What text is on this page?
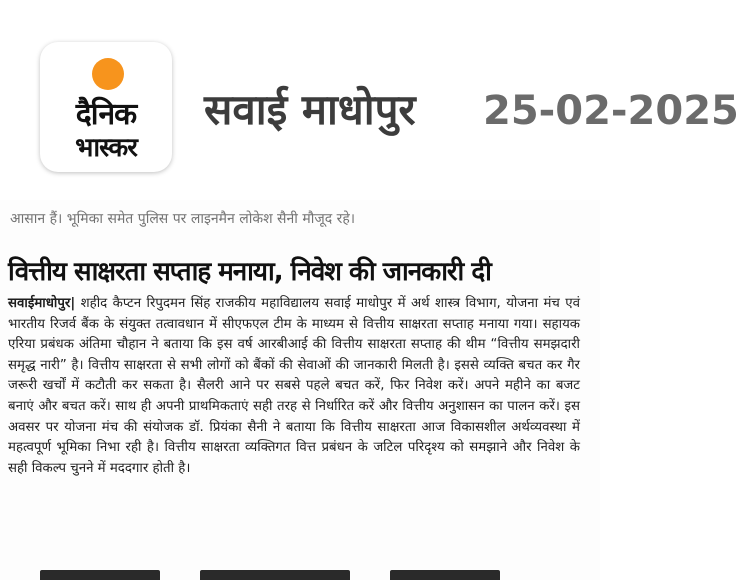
दैनिक
भास्कर
सवाई माधोपुर 25-02-2025
आसान हैं। भूमिका समेत पुलिस पर लाइनमैन लोकेश सैनी मौजूद रहे।
वित्तीय साक्षरता सप्ताह मनाया, निवेश की जानकारी दी
सवाईमाधोपुर| शहीद कैप्टन रिपुदमन सिंह राजकीय महाविद्यालय सवाई माधोपुर में अर्थ शास्त्र विभाग, योजना मंच एवं भारतीय रिजर्व बैंक के संयुक्त तत्वावधान में सीएफएल टीम के माध्यम से वित्तीय साक्षरता सप्ताह मनाया गया। सहायक एरिया प्रबंधक अंतिमा चौहान ने बताया कि इस वर्ष आरबीआई की वित्तीय साक्षरता सप्ताह की थीम “वित्तीय समझदारी समृद्ध नारी” है। वित्तीय साक्षरता से सभी लोगों को बैंकों की सेवाओं की जानकारी मिलती है। इससे व्यक्ति बचत कर गैर जरूरी खर्चों में कटौती कर सकता है। सैलरी आने पर सबसे पहले बचत करें, फिर निवेश करें। अपने महीने का बजट बनाएं और बचत करें। साथ ही अपनी प्राथमिकताएं सही तरह से निर्धारित करें और वित्तीय अनुशासन का पालन करें। इस अवसर पर योजना मंच की संयोजक डॉ. प्रियंका सैनी ने बताया कि वित्तीय साक्षरता आज विकासशील अर्थव्यवस्था में महत्वपूर्ण भूमिका निभा रही है। वित्तीय साक्षरता व्यक्तिगत वित्त प्रबंधन के जटिल परिदृश्य को समझाने और निवेश के सही विकल्प चुनने में मददगार होती है।
